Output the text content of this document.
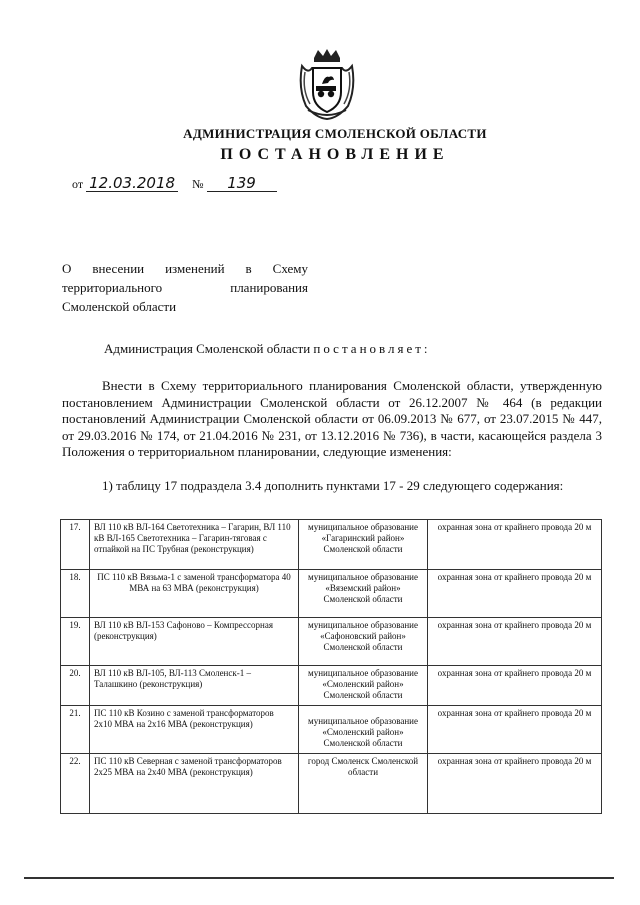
АДМИНИСТРАЦИЯ СМОЛЕНСКОЙ ОБЛАСТИ
ПОСТАНОВЛЕНИЕ
от 12.03.2018 № 139
О внесении изменений в Схему
территориального планирования
Смоленской области
Администрация Смоленской области постановляет:
Внести в Схему территориального планирования Смоленской области, утвержденную постановлением Администрации Смоленской области от 26.12.2007 № 464 (в редакции постановлений Администрации Смоленской области от 06.09.2013 № 677, от 23.07.2015 № 447, от 29.03.2016 № 174, от 21.04.2016 № 231, от 13.12.2016 № 736), в части, касающейся раздела 3 Положения о территориальном планировании, следующие изменения:
1) таблицу 17 подраздела 3.4 дополнить пунктами 17 - 29 следующего содержания:
17.	ВЛ 110 кВ ВЛ-164 Светотехника – Гагарин, ВЛ 110 кВ ВЛ-165 Светотехника – Гагарин-тяговая с отпайкой на ПС Трубная (реконструкция)	муниципальное образование «Гагаринский район» Смоленской области	охранная зона от крайнего провода 20 м
18.	ПС 110 кВ Вязьма-1 с заменой трансформатора 40 МВА на 63 МВА (реконструкция)	муниципальное образование «Вяземский район» Смоленской области	охранная зона от крайнего провода 20 м
19.	ВЛ 110 кВ ВЛ-153 Сафоново – Компрессорная (реконструкция)	муниципальное образование «Сафоновский район» Смоленской области	охранная зона от крайнего провода 20 м
20.	ВЛ 110 кВ ВЛ-105, ВЛ-113 Смоленск-1 – Талашкино (реконструкция)	муниципальное образование «Смоленский район» Смоленской области	охранная зона от крайнего провода 20 м
21.	ПС 110 кВ Козино с заменой трансформаторов 2х10 МВА на 2х16 МВА (реконструкция)	муниципальное образование «Смоленский район» Смоленской области	охранная зона от крайнего провода 20 м
22.	ПС 110 кВ Северная с заменой трансформаторов 2х25 МВА на 2х40 МВА (реконструкция)	город Смоленск Смоленской области	охранная зона от крайнего провода 20 м
